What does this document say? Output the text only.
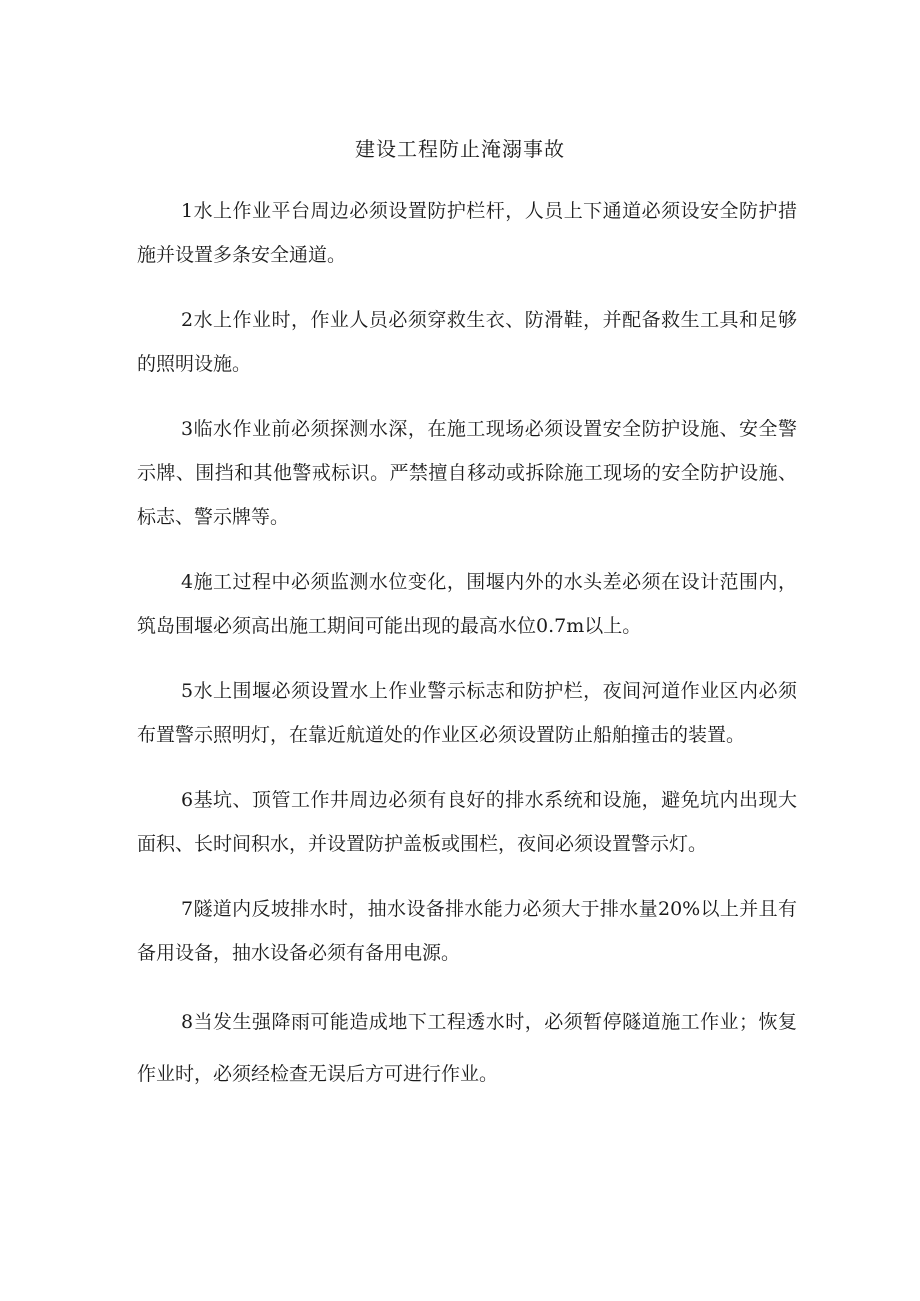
建设工程防止淹溺事故

1水上作业平台周边必须设置防护栏杆，人员上下通道必须设安全防护措施并设置多条安全通道。

2水上作业时，作业人员必须穿救生衣、防滑鞋，并配备救生工具和足够的照明设施。

3临水作业前必须探测水深，在施工现场必须设置安全防护设施、安全警示牌、围挡和其他警戒标识。严禁擅自移动或拆除施工现场的安全防护设施、标志、警示牌等。

4施工过程中必须监测水位变化，围堰内外的水头差必须在设计范围内，筑岛围堰必须高出施工期间可能出现的最高水位0.7m以上。

5水上围堰必须设置水上作业警示标志和防护栏，夜间河道作业区内必须布置警示照明灯，在靠近航道处的作业区必须设置防止船舶撞击的装置。

6基坑、顶管工作井周边必须有良好的排水系统和设施，避免坑内出现大面积、长时间积水，并设置防护盖板或围栏，夜间必须设置警示灯。

7隧道内反坡排水时，抽水设备排水能力必须大于排水量20%以上并且有备用设备，抽水设备必须有备用电源。

8当发生强降雨可能造成地下工程透水时，必须暂停隧道施工作业；恢复作业时，必须经检查无误后方可进行作业。
